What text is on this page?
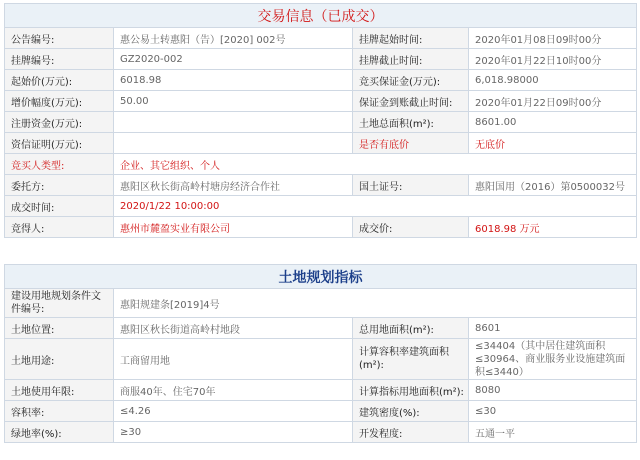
交易信息（已成交）			
公告编号:	惠公易土转惠阳（告）[2020] 002号	挂牌起始时间:	2020年01月08日09时00分
挂牌编号:	GZ2020-002	挂牌截止时间:	2020年01月22日10时00分
起始价(万元):	6018.98	竞买保证金(万元):	6,018.98000
增价幅度(万元):	50.00	保证金到账截止时间:	2020年01月22日09时00分
注册资金(万元):		土地总面积(m²):	8601.00
资信证明(万元):		是否有底价	无底价
竞买人类型:	企业、其它组织、个人		
委托方:	惠阳区秋长街高岭村塘房经济合作社	国土证号:	惠阳国用（2016）第0500032号
成交时间:	2020/1/22 10:00:00		
竞得人:	惠州市麓盈实业有限公司	成交价:	6018.98 万元
土地规划指标			
建设用地规划条件文件编号:	惠阳规建条[2019]4号		
土地位置:	惠阳区秋长街道高岭村地段	总用地面积(m²):	8601
土地用途:	工商留用地	计算容积率建筑面积(m²):	≤34404（其中居住建筑面积≤30964、商业服务业设施建筑面积≤3440）
土地使用年限:	商服40年、住宅70年	计算指标用地面积(m²):	8080
容积率:	≤4.26	建筑密度(%):	≤30
绿地率(%):	≥30	开发程度:	五通一平
